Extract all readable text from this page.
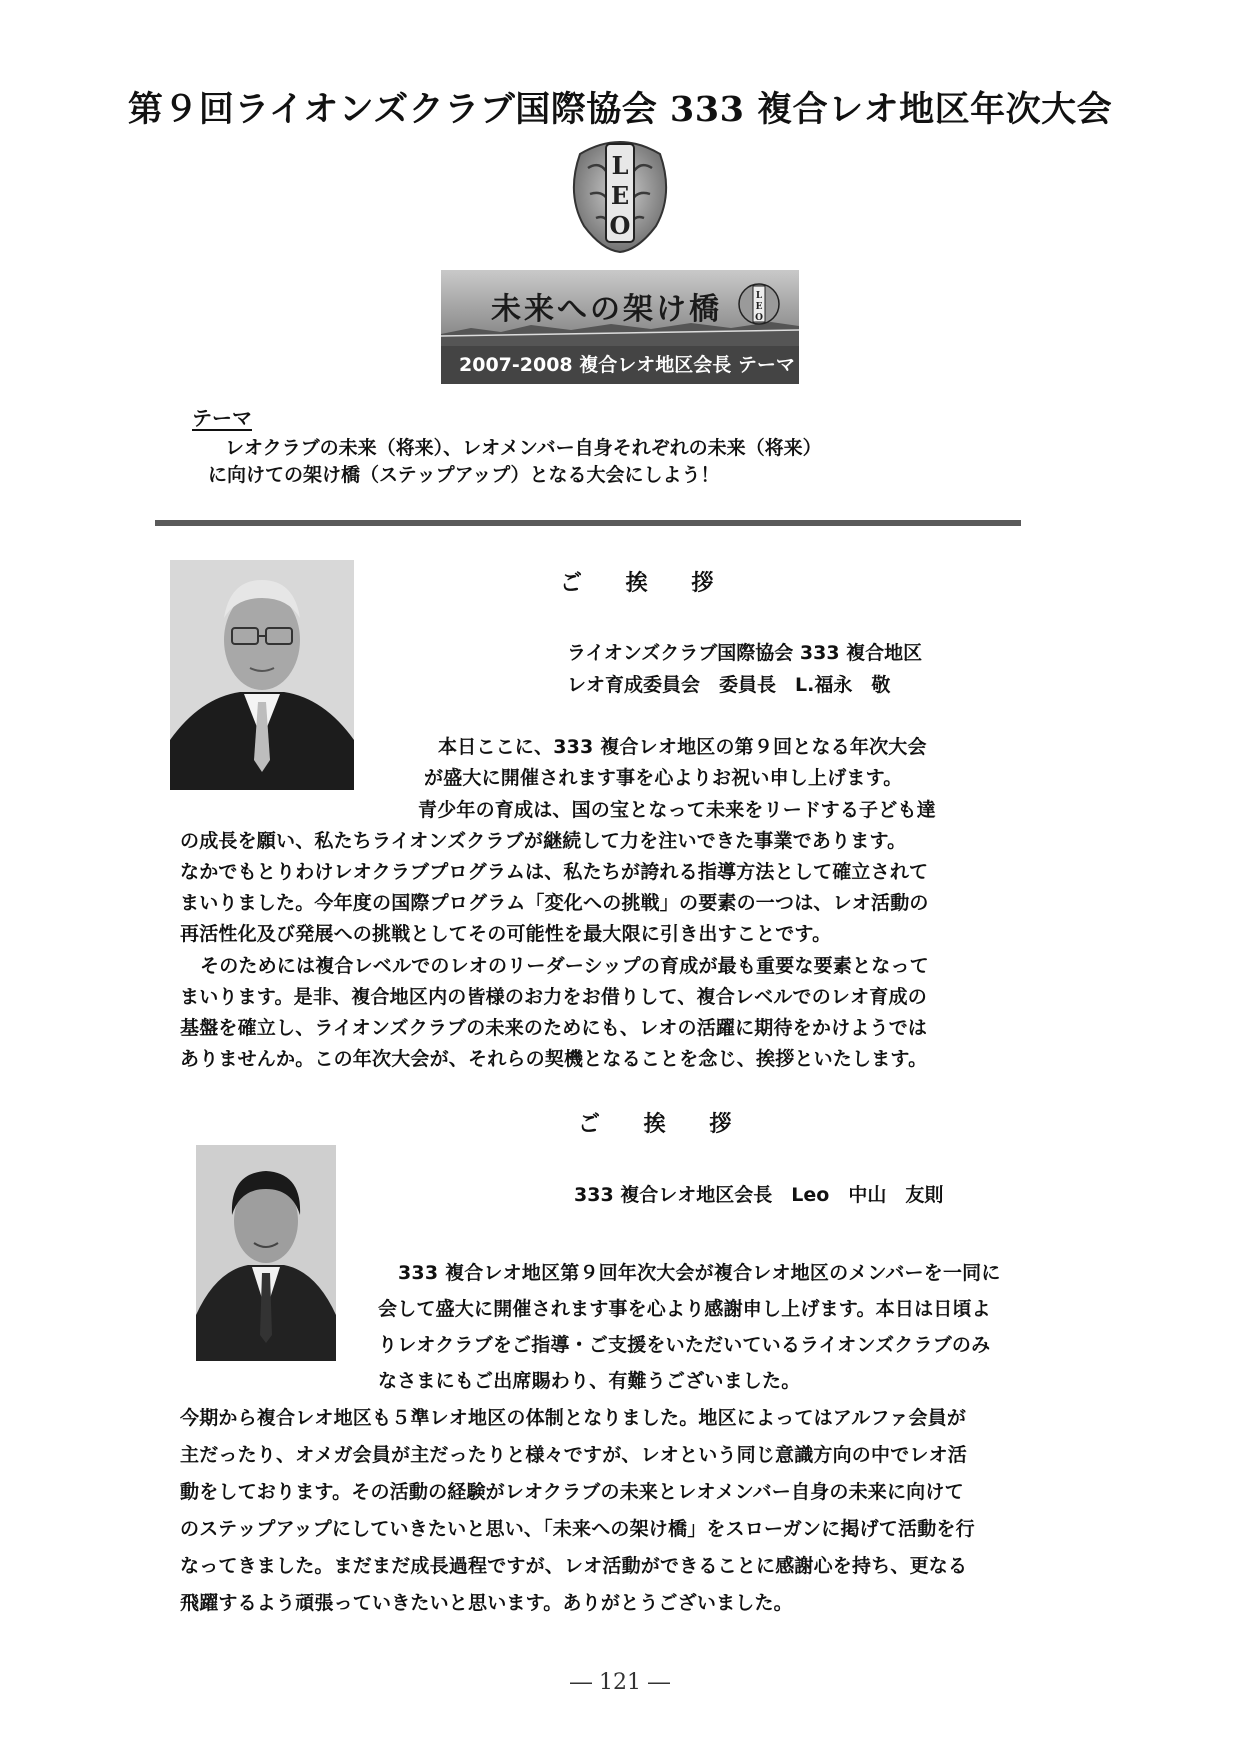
第９回ライオンズクラブ国際協会 333 複合レオ地区年次大会
L
E
O
L
E
O
未来への架け橋
2007-2008 複合レオ地区会長 テーマ
テーマ
レオクラブの未来（将来）、レオメンバー自身それぞれの未来（将来）
に向けての架け橋（ステップアップ）となる大会にしよう！
ご 挨 拶
ライオンズクラブ国際協会 333 複合地区
レオ育成委員会　委員長　L.福永　敬
本日ここに、333 複合レオ地区の第９回となる年次大会
が盛大に開催されます事を心よりお祝い申し上げます。
青少年の育成は、国の宝となって未来をリードする子ども達
の成長を願い、私たちライオンズクラブが継続して力を注いできた事業であります。
なかでもとりわけレオクラブプログラムは、私たちが誇れる指導方法として確立されて
まいりました。今年度の国際プログラム「変化への挑戦」の要素の一つは、レオ活動の
再活性化及び発展への挑戦としてその可能性を最大限に引き出すことです。
そのためには複合レベルでのレオのリーダーシップの育成が最も重要な要素となって
まいります。是非、複合地区内の皆様のお力をお借りして、複合レベルでのレオ育成の
基盤を確立し、ライオンズクラブの未来のためにも、レオの活躍に期待をかけようでは
ありませんか。この年次大会が、それらの契機となることを念じ、挨拶といたします。
ご 挨 拶
333 複合レオ地区会長　Leo　中山　友則
333 複合レオ地区第９回年次大会が複合レオ地区のメンバーを一同に
会して盛大に開催されます事を心より感謝申し上げます。本日は日頃よ
りレオクラブをご指導・ご支援をいただいているライオンズクラブのみ
なさまにもご出席賜わり、有難うございました。
今期から複合レオ地区も５準レオ地区の体制となりました。地区によってはアルファ会員が
主だったり、オメガ会員が主だったりと様々ですが、レオという同じ意識方向の中でレオ活
動をしております。その活動の経験がレオクラブの未来とレオメンバー自身の未来に向けて
のステップアップにしていきたいと思い、「未来への架け橋」をスローガンに掲げて活動を行
なってきました。まだまだ成長過程ですが、レオ活動ができることに感謝心を持ち、更なる
飛躍するよう頑張っていきたいと思います。ありがとうございました。
― 121 ―
